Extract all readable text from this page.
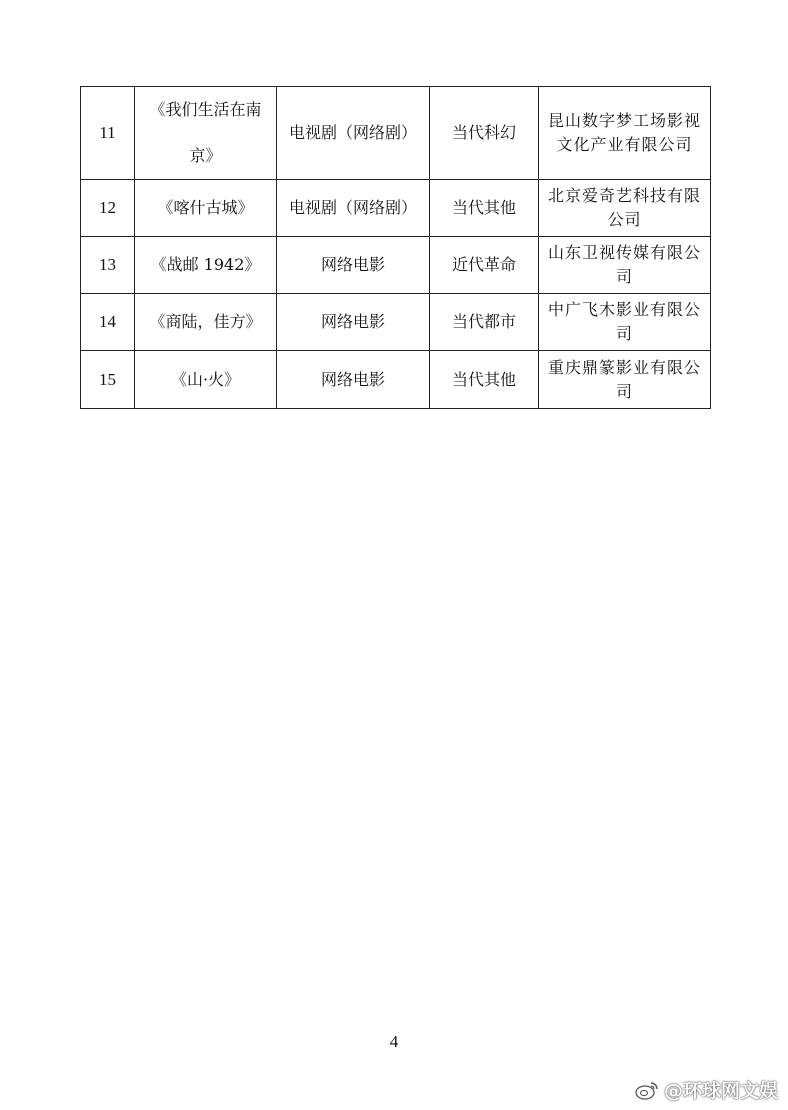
11	《我们生活在南京》	电视剧（网络剧）	当代科幻	昆山数字梦工场影视文化产业有限公司
12	《喀什古城》	电视剧（网络剧）	当代其他	北京爱奇艺科技有限公司
13	《战邮 1942》	网络电影	近代革命	山东卫视传媒有限公司
14	《商陆，佳方》	网络电影	当代都市	中广飞木影业有限公司
15	《山·火》	网络电影	当代其他	重庆鼎篆影业有限公司
4
@环球网文娱
